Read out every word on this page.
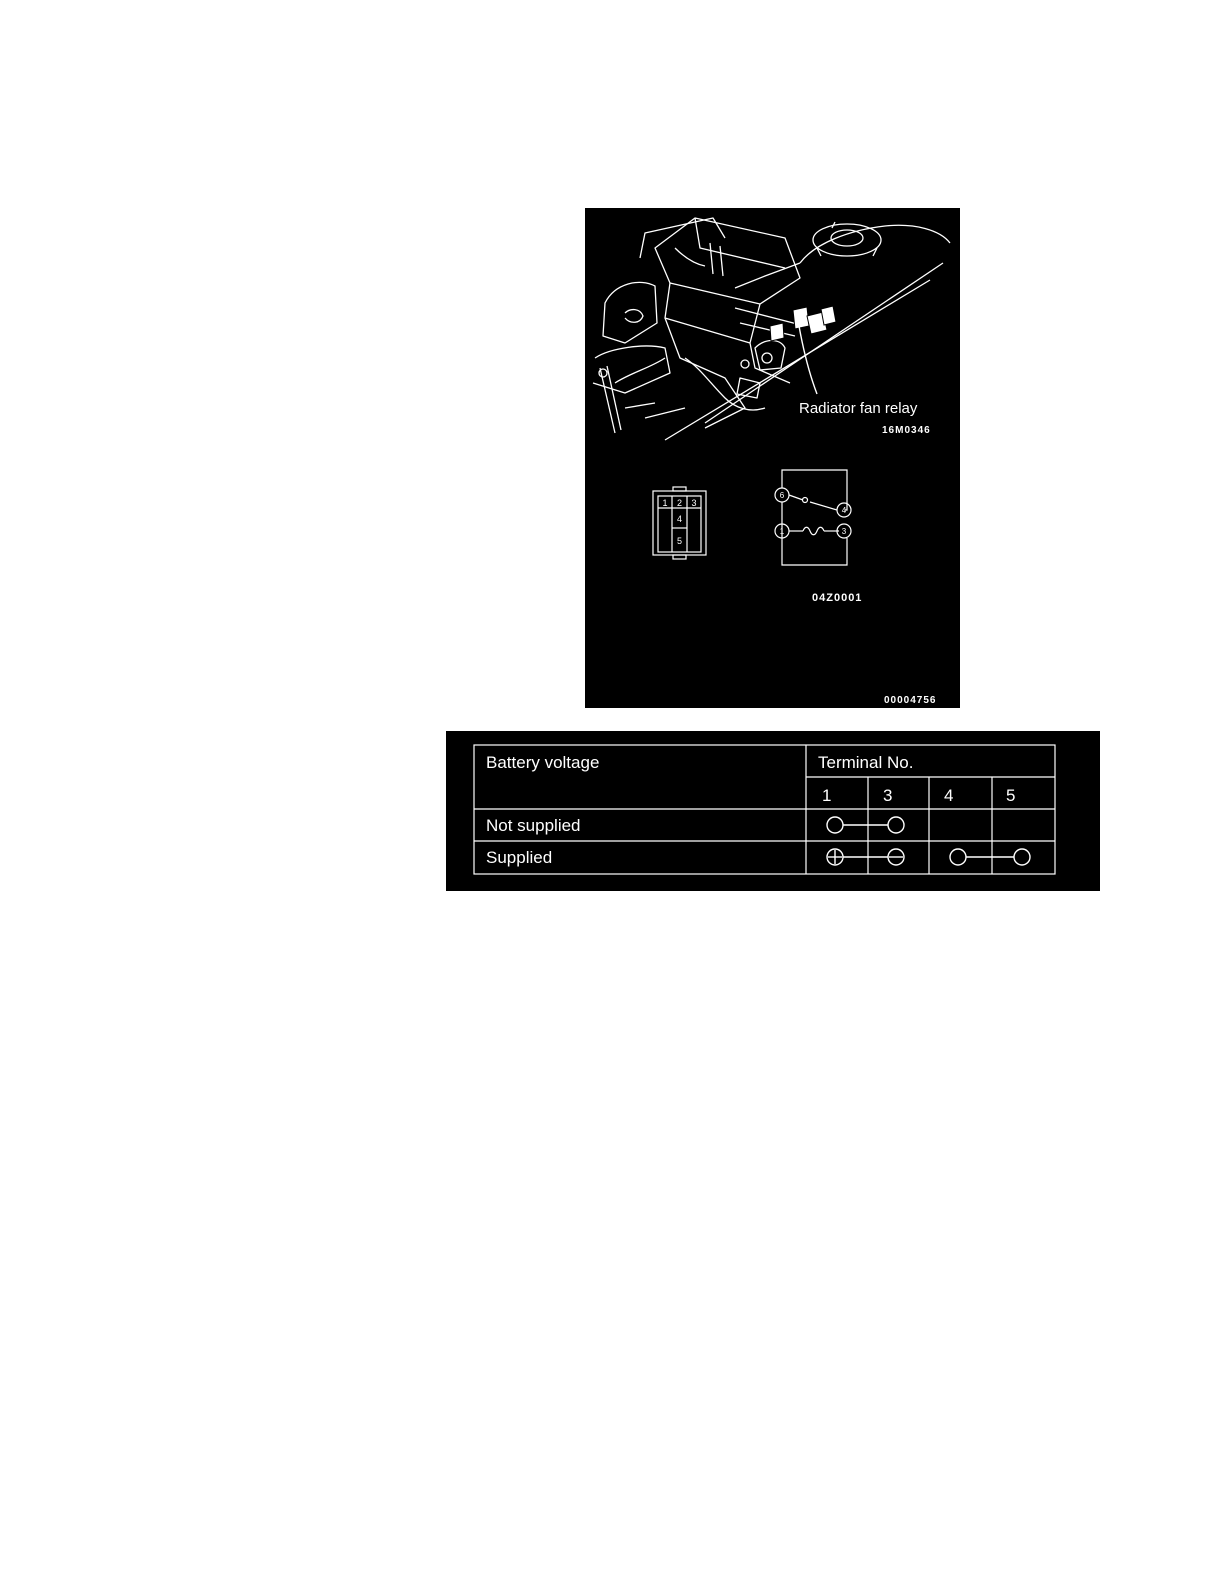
Radiator fan relay
16M0346
1 2 3
4
5
6
4
1	3
04Z0001
00004756
Battery voltage	Terminal No.
1	3	4	5
Not supplied
Supplied
